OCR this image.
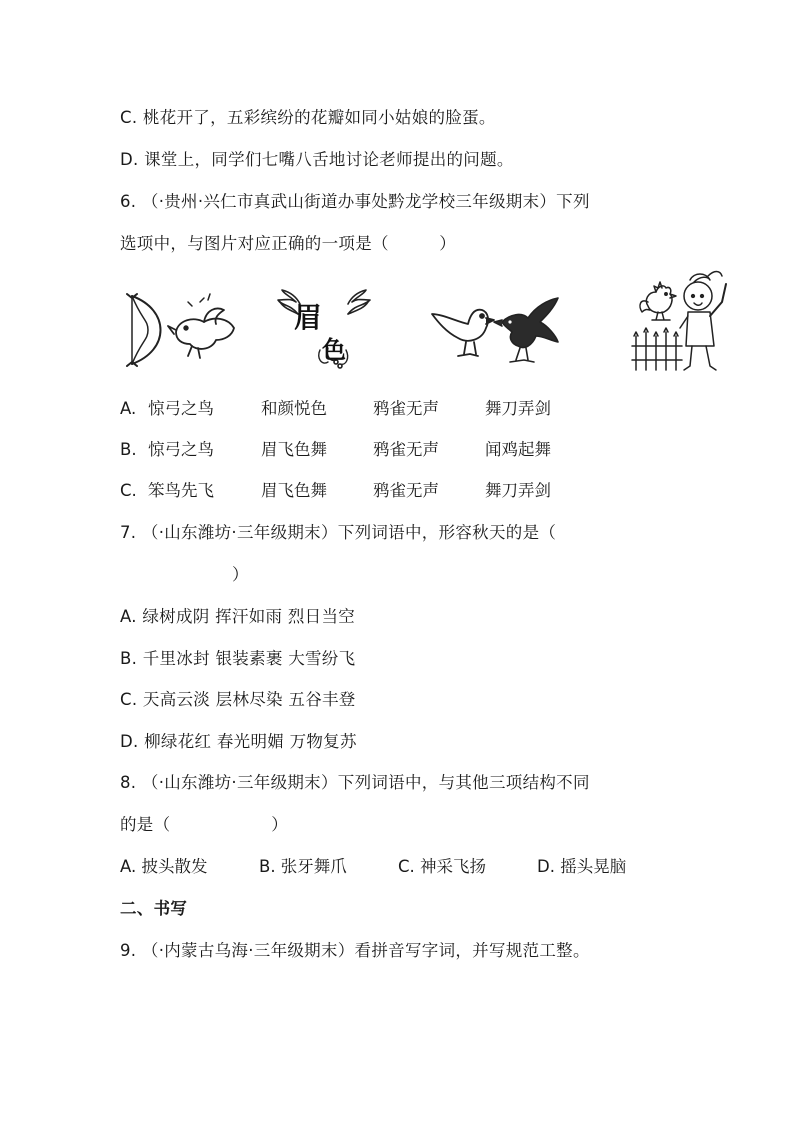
C. 桃花开了，五彩缤纷的花瓣如同小姑娘的脸蛋。
D. 课堂上，同学们七嘴八舌地讨论老师提出的问题。
6. （·贵州·兴仁市真武山街道办事处黔龙学校三年级期末）下列
选项中，与图片对应正确的一项是（　　　）
眉
色
A. 惊弓之鸟	和颜悦色	鸦雀无声	舞刀弄剑
B. 惊弓之鸟	眉飞色舞	鸦雀无声	闻鸡起舞
C. 笨鸟先飞	眉飞色舞	鸦雀无声	舞刀弄剑
7. （·山东潍坊·三年级期末）下列词语中，形容秋天的是（
）
A. 绿树成阴 挥汗如雨 烈日当空
B. 千里冰封 银装素裹 大雪纷飞
C. 天高云淡 层林尽染 五谷丰登
D. 柳绿花红 春光明媚 万物复苏
8. （·山东潍坊·三年级期末）下列词语中，与其他三项结构不同
的是（　　　　　　）
A. 披头散发	B. 张牙舞爪	C. 神采飞扬	D. 摇头晃脑
二、书写
9. （·内蒙古乌海·三年级期末）看拼音写字词，并写规范工整。
